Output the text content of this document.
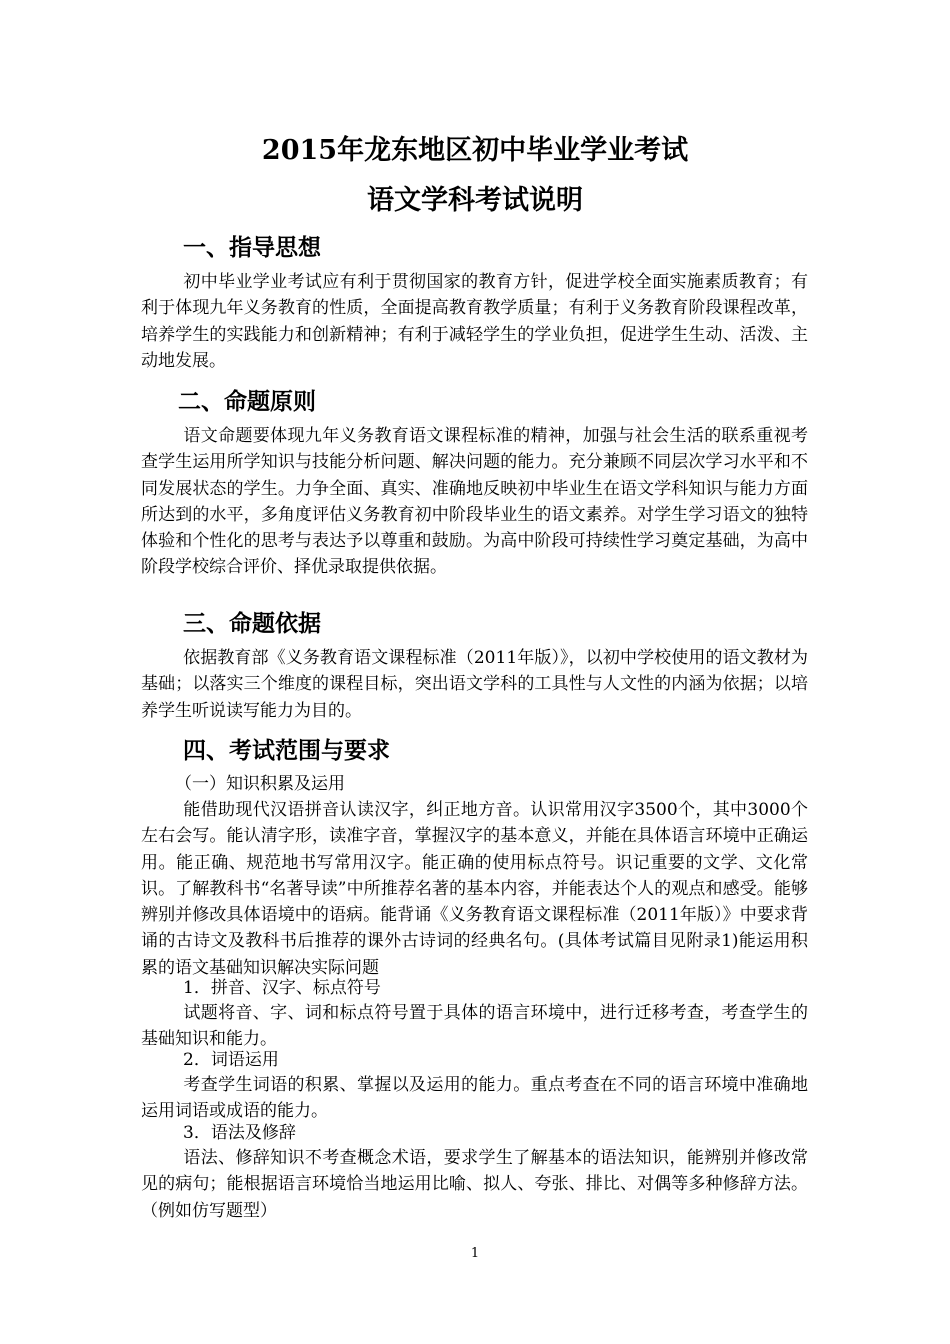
2015年龙东地区初中毕业学业考试
语文学科考试说明
一、指导思想
初中毕业学业考试应有利于贯彻国家的教育方针，促进学校全面实施素质教育；有利于体现九年义务教育的性质，全面提高教育教学质量；有利于义务教育阶段课程改革，培养学生的实践能力和创新精神；有利于减轻学生的学业负担，促进学生生动、活泼、主动地发展。
二、命题原则
语文命题要体现九年义务教育语文课程标准的精神，加强与社会生活的联系重视考查学生运用所学知识与技能分析问题、解决问题的能力。充分兼顾不同层次学习水平和不同发展状态的学生。力争全面、真实、准确地反映初中毕业生在语文学科知识与能力方面所达到的水平，多角度评估义务教育初中阶段毕业生的语文素养。对学生学习语文的独特体验和个性化的思考与表达予以尊重和鼓励。为高中阶段可持续性学习奠定基础，为高中阶段学校综合评价、择优录取提供依据。
三、命题依据
依据教育部《义务教育语文课程标准（2011年版）》，以初中学校使用的语文教材为基础；以落实三个维度的课程目标，突出语文学科的工具性与人文性的内涵为依据；以培养学生听说读写能力为目的。
四、考试范围与要求
（一）知识积累及运用
能借助现代汉语拼音认读汉字，纠正地方音。认识常用汉字3500个，其中3000个左右会写。能认清字形，读准字音，掌握汉字的基本意义，并能在具体语言环境中正确运用。能正确、规范地书写常用汉字。能正确的使用标点符号。识记重要的文学、文化常识。了解教科书“名著导读”中所推荐名著的基本内容，并能表达个人的观点和感受。能够辨别并修改具体语境中的语病。能背诵《义务教育语文课程标准（2011年版）》中要求背诵的古诗文及教科书后推荐的课外古诗词的经典名句。(具体考试篇目见附录1)能运用积累的语文基础知识解决实际问题
1．拼音、汉字、标点符号
试题将音、字、词和标点符号置于具体的语言环境中，进行迁移考查，考查学生的基础知识和能力。
2．词语运用
考查学生词语的积累、掌握以及运用的能力。重点考查在不同的语言环境中准确地运用词语或成语的能力。
3．语法及修辞
语法、修辞知识不考查概念术语，要求学生了解基本的语法知识，能辨别并修改常见的病句；能根据语言环境恰当地运用比喻、拟人、夸张、排比、对偶等多种修辞方法。（例如仿写题型）
1
